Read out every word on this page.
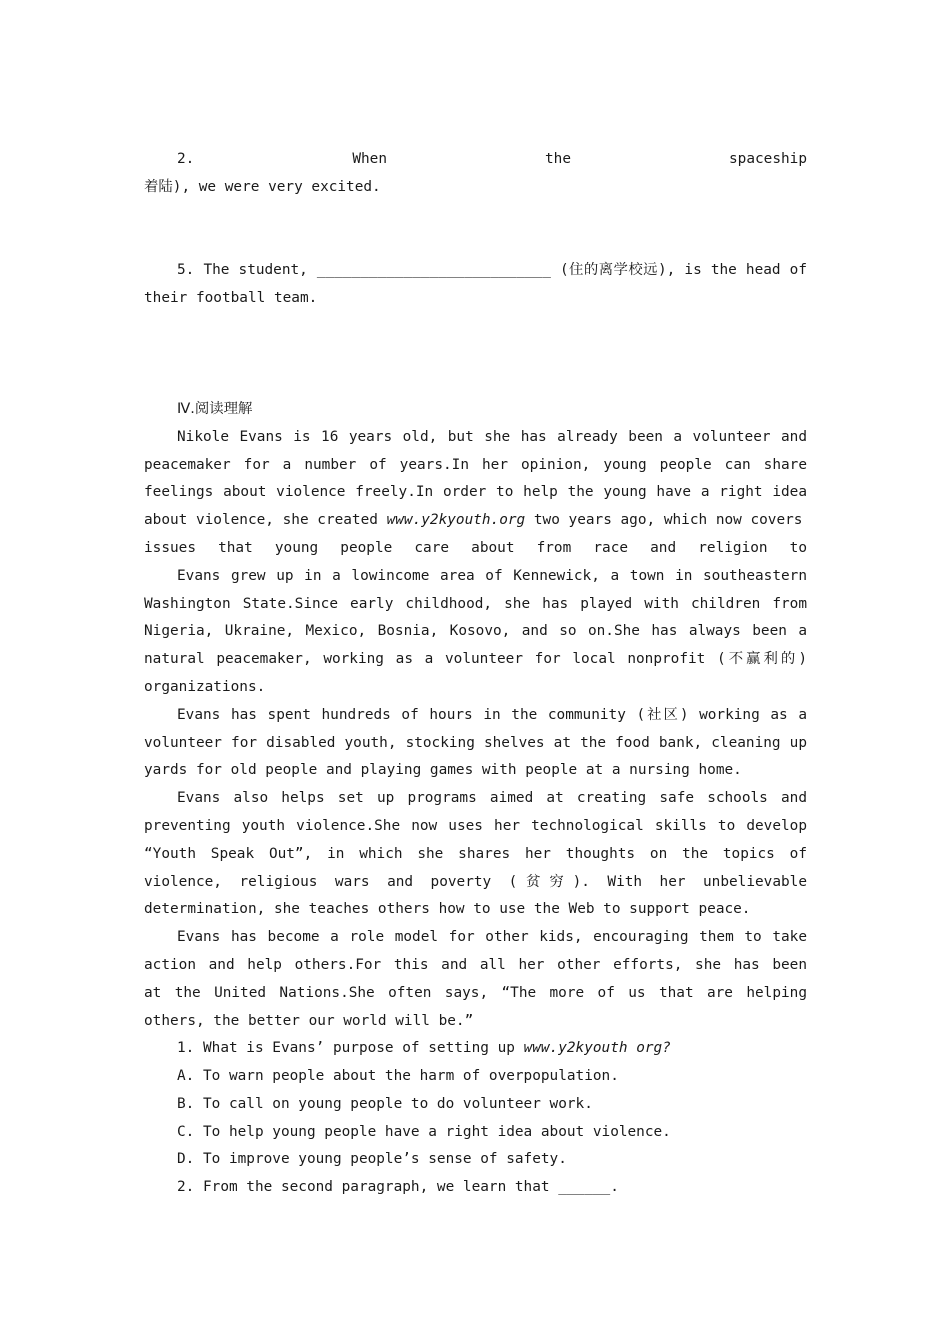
2.	When the spaceship
着陆), we were very excited.

5. The student, ___________________________ (住的离学校远), is the head of
their football team.

Ⅳ.阅读理解
Nikole Evans is 16 years old, but she has already been a volunteer and
peacemaker for a number of years.In her opinion, young people can share
feelings about violence freely.In order to help the young have a right idea
about violence, she created www.y2kyouth.org two years ago, which now covers
issues that young people care about from race and religion to
Evans grew up in a lowincome area of Kennewick, a town in southeastern
Washington State.Since early childhood, she has played with children from
Nigeria, Ukraine, Mexico, Bosnia, Kosovo, and so on.She has always been a
natural peacemaker, working as a volunteer for local nonprofit (不赢利的)
organizations.
Evans has spent hundreds of hours in the community (社区) working as a
volunteer for disabled youth, stocking shelves at the food bank, cleaning up
yards for old people and playing games with people at a nursing home.
Evans also helps set up programs aimed at creating safe schools and
preventing youth violence.She now uses her technological skills to develop
“Youth Speak Out”, in which she shares her thoughts on the topics of
violence, religious wars and poverty (贫穷). With her unbelievable
determination, she teaches others how to use the Web to support peace.
Evans has become a role model for other kids, encouraging them to take
action and help others.For this and all her other efforts, she has been
at the United Nations.She often says, “The more of us that are helping
others, the better our world will be.”
1. What is Evans’ purpose of setting up www.y2kyouth org?
A. To warn people about the harm of overpopulation.
B. To call on young people to do volunteer work.
C. To help young people have a right idea about violence.
D. To improve young people’s sense of safety.
2. From the second paragraph, we learn that ______.
